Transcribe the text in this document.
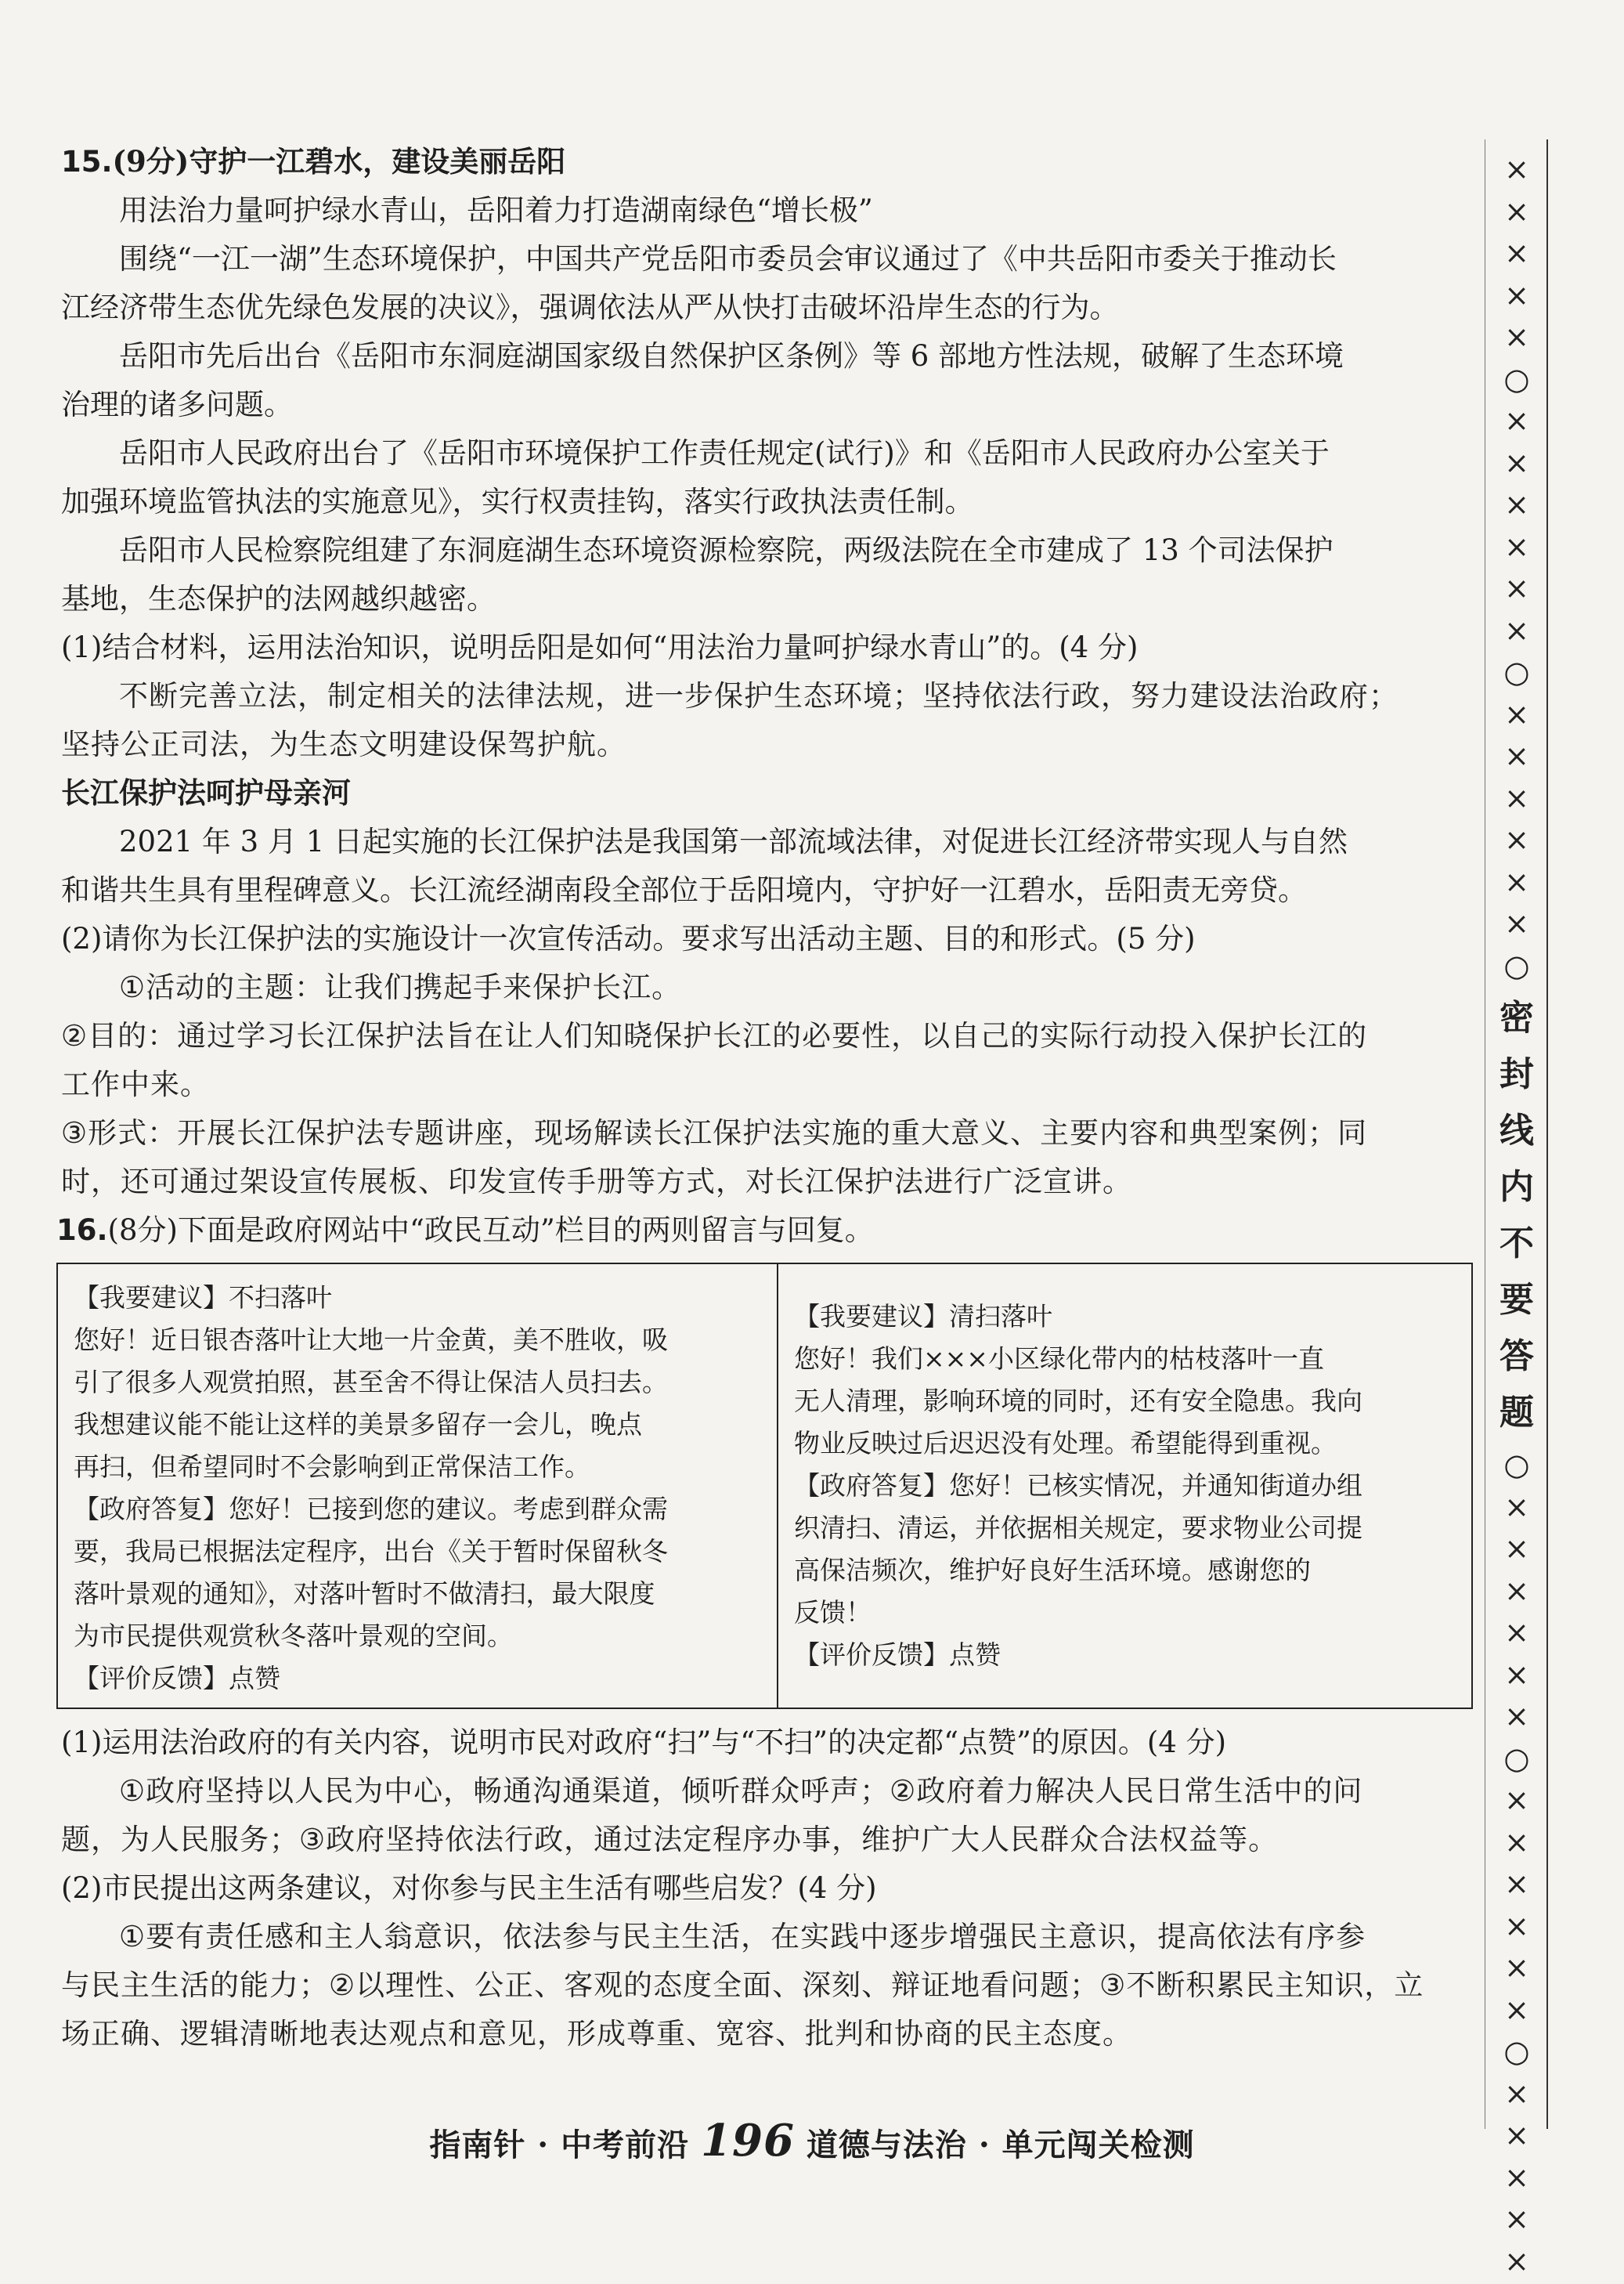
15.(9分)守护一江碧水，建设美丽岳阳
用法治力量呵护绿水青山，岳阳着力打造湖南绿色“增长极”
围绕“一江一湖”生态环境保护，中国共产党岳阳市委员会审议通过了《中共岳阳市委关于推动长
江经济带生态优先绿色发展的决议》，强调依法从严从快打击破坏沿岸生态的行为。
岳阳市先后出台《岳阳市东洞庭湖国家级自然保护区条例》等 6 部地方性法规，破解了生态环境
治理的诸多问题。
岳阳市人民政府出台了《岳阳市环境保护工作责任规定(试行)》和《岳阳市人民政府办公室关于
加强环境监管执法的实施意见》，实行权责挂钩，落实行政执法责任制。
岳阳市人民检察院组建了东洞庭湖生态环境资源检察院，两级法院在全市建成了 13 个司法保护
基地，生态保护的法网越织越密。
(1)结合材料，运用法治知识，说明岳阳是如何“用法治力量呵护绿水青山”的。(4 分)
不断完善立法，制定相关的法律法规，进一步保护生态环境；坚持依法行政，努力建设法治政府；
坚持公正司法，为生态文明建设保驾护航。
长江保护法呵护母亲河
2021 年 3 月 1 日起实施的长江保护法是我国第一部流域法律，对促进长江经济带实现人与自然
和谐共生具有里程碑意义。长江流经湖南段全部位于岳阳境内，守护好一江碧水，岳阳责无旁贷。
(2)请你为长江保护法的实施设计一次宣传活动。要求写出活动主题、目的和形式。(5 分)
①活动的主题：让我们携起手来保护长江。
②目的：通过学习长江保护法旨在让人们知晓保护长江的必要性，以自己的实际行动投入保护长江的
工作中来。
③形式：开展长江保护法专题讲座，现场解读长江保护法实施的重大意义、主要内容和典型案例；同
时，还可通过架设宣传展板、印发宣传手册等方式，对长江保护法进行广泛宣讲。
16.(8分)下面是政府网站中“政民互动”栏目的两则留言与回复。
【我要建议】不扫落叶
您好！近日银杏落叶让大地一片金黄，美不胜收，吸
引了很多人观赏拍照，甚至舍不得让保洁人员扫去。
我想建议能不能让这样的美景多留存一会儿，晚点
再扫，但希望同时不会影响到正常保洁工作。
【政府答复】您好！已接到您的建议。考虑到群众需
要，我局已根据法定程序，出台《关于暂时保留秋冬
落叶景观的通知》，对落叶暂时不做清扫，最大限度
为市民提供观赏秋冬落叶景观的空间。
【评价反馈】点赞
【我要建议】清扫落叶
您好！我们×××小区绿化带内的枯枝落叶一直
无人清理，影响环境的同时，还有安全隐患。我向
物业反映过后迟迟没有处理。希望能得到重视。
【政府答复】您好！已核实情况，并通知街道办组
织清扫、清运，并依据相关规定，要求物业公司提
高保洁频次，维护好良好生活环境。感谢您的
反馈！
【评价反馈】点赞
(1)运用法治政府的有关内容，说明市民对政府“扫”与“不扫”的决定都“点赞”的原因。(4 分)
①政府坚持以人民为中心，畅通沟通渠道，倾听群众呼声；②政府着力解决人民日常生活中的问
题，为人民服务；③政府坚持依法行政，通过法定程序办事，维护广大人民群众合法权益等。
(2)市民提出这两条建议，对你参与民主生活有哪些启发？(4 分)
①要有责任感和主人翁意识，依法参与民主生活，在实践中逐步增强民主意识，提高依法有序参
与民主生活的能力；②以理性、公正、客观的态度全面、深刻、辩证地看问题；③不断积累民主知识，立
场正确、逻辑清晰地表达观点和意见，形成尊重、宽容、批判和协商的民主态度。
×
×
×
×
×
○
×
×
×
×
×
×
○
×
×
×
×
×
×
○
密
封
线
内
不
要
答
题
○
×
×
×
×
×
×
○
×
×
×
×
×
×
○
×
×
×
×
×
指南针 · 中考前沿 196 道德与法治 · 单元闯关检测
